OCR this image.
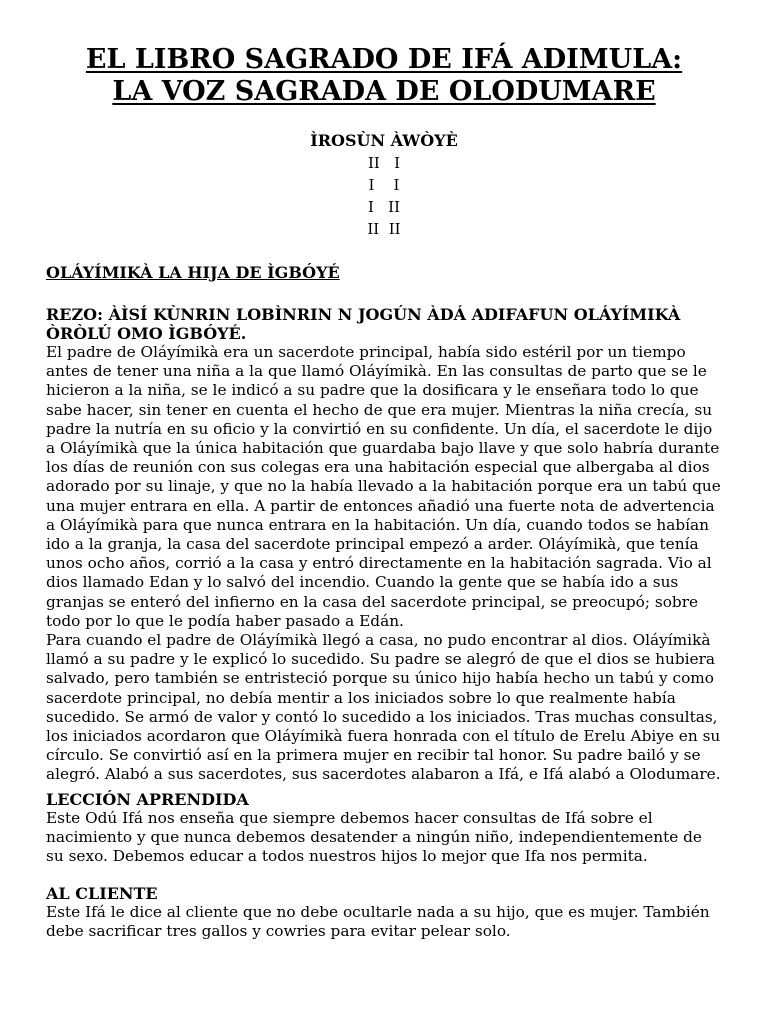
EL LIBRO SAGRADO DE IFÁ ADIMULA:
LA VOZ SAGRADA DE OLODUMARE
ÌROSÙN ÀWÒYÈ
II   I
I    I
I   II
II  II
OLÁYÍMIKÀ LA HIJA DE ÌGBÓYÉ
REZO: ÀÌSÍ KÙNRIN LOBÌNRIN N JOGÚN ÀDÁ ADIFAFUN OLÁYÍMIKÀ ÒRÒLÚ OMO ÌGBÓYÉ.

El padre de Oláyímikà era un sacerdote principal, había sido estéril por un tiempo antes de tener una niña a la que llamó Oláyímikà. En las consultas de parto que se le hicieron a la niña, se le indicó a su padre que la dosificara y le enseñara todo lo que sabe hacer, sin tener en cuenta el hecho de que era mujer. Mientras la niña crecía, su padre la nutría en su oficio y la convirtió en su confidente. Un día, el sacerdote le dijo a Oláyímikà que la única habitación que guardaba bajo llave y que solo habría durante los días de reunión con sus colegas era una habitación especial que albergaba al dios adorado por su linaje, y que no la había llevado a la habitación porque era un tabú que una mujer entrara en ella. A partir de entonces añadió una fuerte nota de advertencia a Oláyímikà para que nunca entrara en la habitación. Un día, cuando todos se habían ido a la granja, la casa del sacerdote principal empezó a arder. Oláyímikà, que tenía unos ocho años, corrió a la casa y entró directamente en la habitación sagrada. Vio al dios llamado Edan y lo salvó del incendio. Cuando la gente que se había ido a sus granjas se enteró del infierno en la casa del sacerdote principal, se preocupó; sobre todo por lo que le podía haber pasado a Edán.

Para cuando el padre de Oláyímikà llegó a casa, no pudo encontrar al dios. Oláyímikà llamó a su padre y le explicó lo sucedido. Su padre se alegró de que el dios se hubiera salvado, pero también se entristeció porque su único hijo había hecho un tabú y como sacerdote principal, no debía mentir a los iniciados sobre lo que realmente había sucedido. Se armó de valor y contó lo sucedido a los iniciados. Tras muchas consultas, los iniciados acordaron que Oláyímikà fuera honrada con el título de Erelu Abiye en su círculo. Se convirtió así en la primera mujer en recibir tal honor. Su padre bailó y se alegró. Alabó a sus sacerdotes, sus sacerdotes alabaron a Ifá, e Ifá alabó a Olodumare.

LECCIÓN APRENDIDA

Este Odú Ifá nos enseña que siempre debemos hacer consultas de Ifá sobre el nacimiento y que nunca debemos desatender a ningún niño, independientemente de su sexo. Debemos educar a todos nuestros hijos lo mejor que Ifa nos permita.

AL CLIENTE

Este Ifá le dice al cliente que no debe ocultarle nada a su hijo, que es mujer. También debe sacrificar tres gallos y cowries para evitar pelear solo.
